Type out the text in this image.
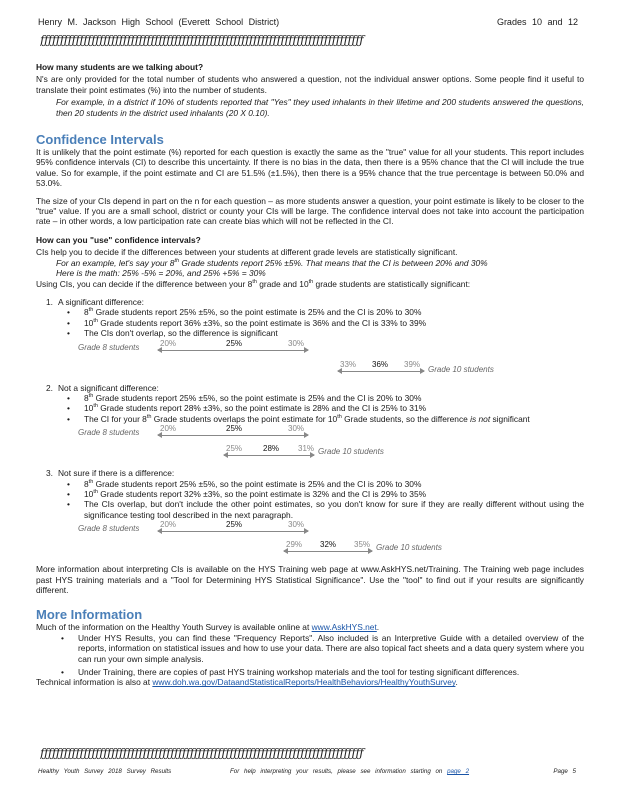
Henry M. Jackson High School (Everett School District)	Grades 10 and 12
ƒƒƒƒƒƒƒƒƒƒƒƒƒƒƒƒƒƒƒƒƒƒƒƒƒƒƒƒƒƒƒƒƒƒƒƒƒƒƒƒƒƒƒƒƒƒƒƒƒƒƒƒƒƒƒƒƒƒƒƒƒƒƒƒƒƒƒƒƒƒƒƒƒƒƒƒƒƒƒƒƒƒ
How many students are we talking about?

N's are only provided for the total number of students who answered a question, not the individual answer options. Some people find it useful to translate their point estimates (%) into the number of students.

For example, in a district if 10% of students reported that "Yes" they used inhalants in their lifetime and 200 students answered the questions, then 20 students in the district used inhalants (20 X 0.10).

Confidence Intervals

It is unlikely that the point estimate (%) reported for each question is exactly the same as the "true" value for all your students. This report includes 95% confidence intervals (CI) to describe this uncertainty. If there is no bias in the data, then there is a 95% chance that the CI will include the true value. So for example, if the point estimate and CI are 51.5% (±1.5%), then there is a 95% chance that the true percentage is between 50.0% and 53.0%.

The size of your CIs depend in part on the n for each question – as more students answer a question, your point estimate is likely to be closer to the "true" value. If you are a small school, district or county your CIs will be large. The confidence interval does not take into account the participation rate – in other words, a low participation rate can create bias which will not be reflected in the CI.

How can you "use" confidence intervals?

CIs help you to decide if the differences between your students at different grade levels are statistically significant.

For an example, let's say your 8th Grade students report 25% ±5%. That means that the CI is between 20% and 30%

Here is the math: 25% -5% = 20%, and 25% +5% = 30%

Using CIs, you can decide if the difference between your 8th grade and 10th grade students are statistically significant:

1. A significant difference:
• 8th Grade students report 25% ±5%, so the point estimate is 25% and the CI is 20% to 30%
• 10th Grade students report 36% ±3%, so the point estimate is 36% and the CI is 33% to 39%
• The CIs don't overlap, so the difference is significant
Grade 8 students	20%	25%	30%
33% 36% 39%
Grade 10 students
2. Not a significant difference:
• 8th Grade students report 25% ±5%, so the point estimate is 25% and the CI is 20% to 30%
• 10th Grade students report 28% ±3%, so the point estimate is 28% and the CI is 25% to 31%
• The CI for your 8th Grade students overlaps the point estimate for 10th Grade students, so the difference is not significant
Grade 8 students	20%	25%	30%
25%	28% 31% Grade 10 students
3. Not sure if there is a difference:
• 8th Grade students report 25% ±5%, so the point estimate is 25% and the CI is 20% to 30%
• 10th Grade students report 32% ±3%, so the point estimate is 32% and the CI is 29% to 35%
• The CIs overlap, but don't include the other point estimates, so you don't know for sure if they are really different without using the significance testing tool described in the next paragraph.
Grade 8 students	20%	25%	30%
29% 32% 35% Grade 10 students

More information about interpreting CIs is available on the HYS Training web page at www.AskHYS.net/Training. The Training web page includes past HYS training materials and a "Tool for Determining HYS Statistical Significance". Use the "tool" to find out if your results are significantly different.

More Information

Much of the information on the Healthy Youth Survey is available online at www.AskHYS.net.

• Under HYS Results, you can find these "Frequency Reports". Also included is an Interpretive Guide with a detailed overview of the reports, information on statistical issues and how to use your data. There are also topical fact sheets and a data query system where you can run your own simple analysis.
• Under Training, there are copies of past HYS training workshop materials and the tool for testing significant differences.

Technical information is also at www.doh.wa.gov/DataandStatisticalReports/HealthBehaviors/HealthyYouthSurvey.

ƒƒƒƒƒƒƒƒƒƒƒƒƒƒƒƒƒƒƒƒƒƒƒƒƒƒƒƒƒƒƒƒƒƒƒƒƒƒƒƒƒƒƒƒƒƒƒƒƒƒƒƒƒƒƒƒƒƒƒƒƒƒƒƒƒƒƒƒƒƒƒƒƒƒƒƒƒƒƒƒƒƒ
Healthy Youth Survey 2018 Survey Results	For help interpreting your results, please see information starting on page 2	Page 5
